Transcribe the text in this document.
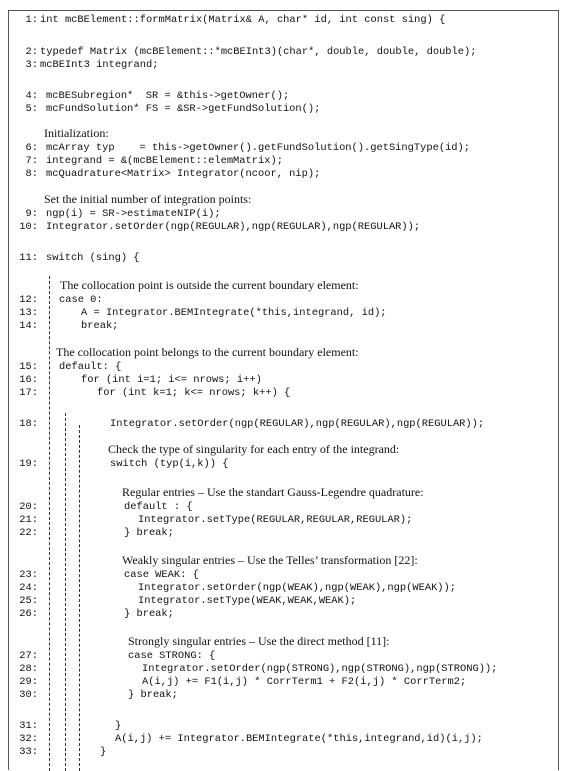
1: int mcBElement::formMatrix(Matrix& A, char* id, int const sing) {
2: typedef Matrix (mcBElement::*mcBEInt3)(char*, double, double, double);
3: mcBEInt3 integrand;
4: mcBESubregion*  SR = &this->getOwner();
5: mcFundSolution* FS = &SR->getFundSolution();
Initialization:
6: mcArray typ    = this->getOwner().getFundSolution().getSingType(id);
7: integrand = &(mcBElement::elemMatrix);
8: mcQuadrature<Matrix> Integrator(ncoor, nip);
Set the initial number of integration points:
9: ngp(i) = SR->estimateNIP(i);
10: Integrator.setOrder(ngp(REGULAR),ngp(REGULAR),ngp(REGULAR));
11: switch (sing) {
The collocation point is outside the current boundary element:
12: case 0:
13:	A = Integrator.BEMIntegrate(*this,integrand, id);
14:	break;
The collocation point belongs to the current boundary element:
15: default: {
16:	for (int i=1; i<= nrows; i++)
17:	for (int k=1; k<= nrows; k++) {
18:	Integrator.setOrder(ngp(REGULAR),ngp(REGULAR),ngp(REGULAR));
Check the type of singularity for each entry of the integrand:
19:	switch (typ(i,k)) {
Regular entries – Use the standart Gauss-Legendre quadrature:
20:	default : {
21:	Integrator.setType(REGULAR,REGULAR,REGULAR);
22:	} break;
Weakly singular entries – Use the Telles’ transformation [22]:
23:	case WEAK: {
24:	Integrator.setOrder(ngp(WEAK),ngp(WEAK),ngp(WEAK));
25:	Integrator.setType(WEAK,WEAK,WEAK);
26:	} break;
Strongly singular entries – Use the direct method [11]:
27:	case STRONG: {
28:	Integrator.setOrder(ngp(STRONG),ngp(STRONG),ngp(STRONG));
29:	A(i,j) += F1(i,j) * CorrTerm1 + F2(i,j) * CorrTerm2;
30:	} break;
31:	}
32:	A(i,j) += Integrator.BEMIntegrate(*this,integrand,id)(i,j);
33:	}
